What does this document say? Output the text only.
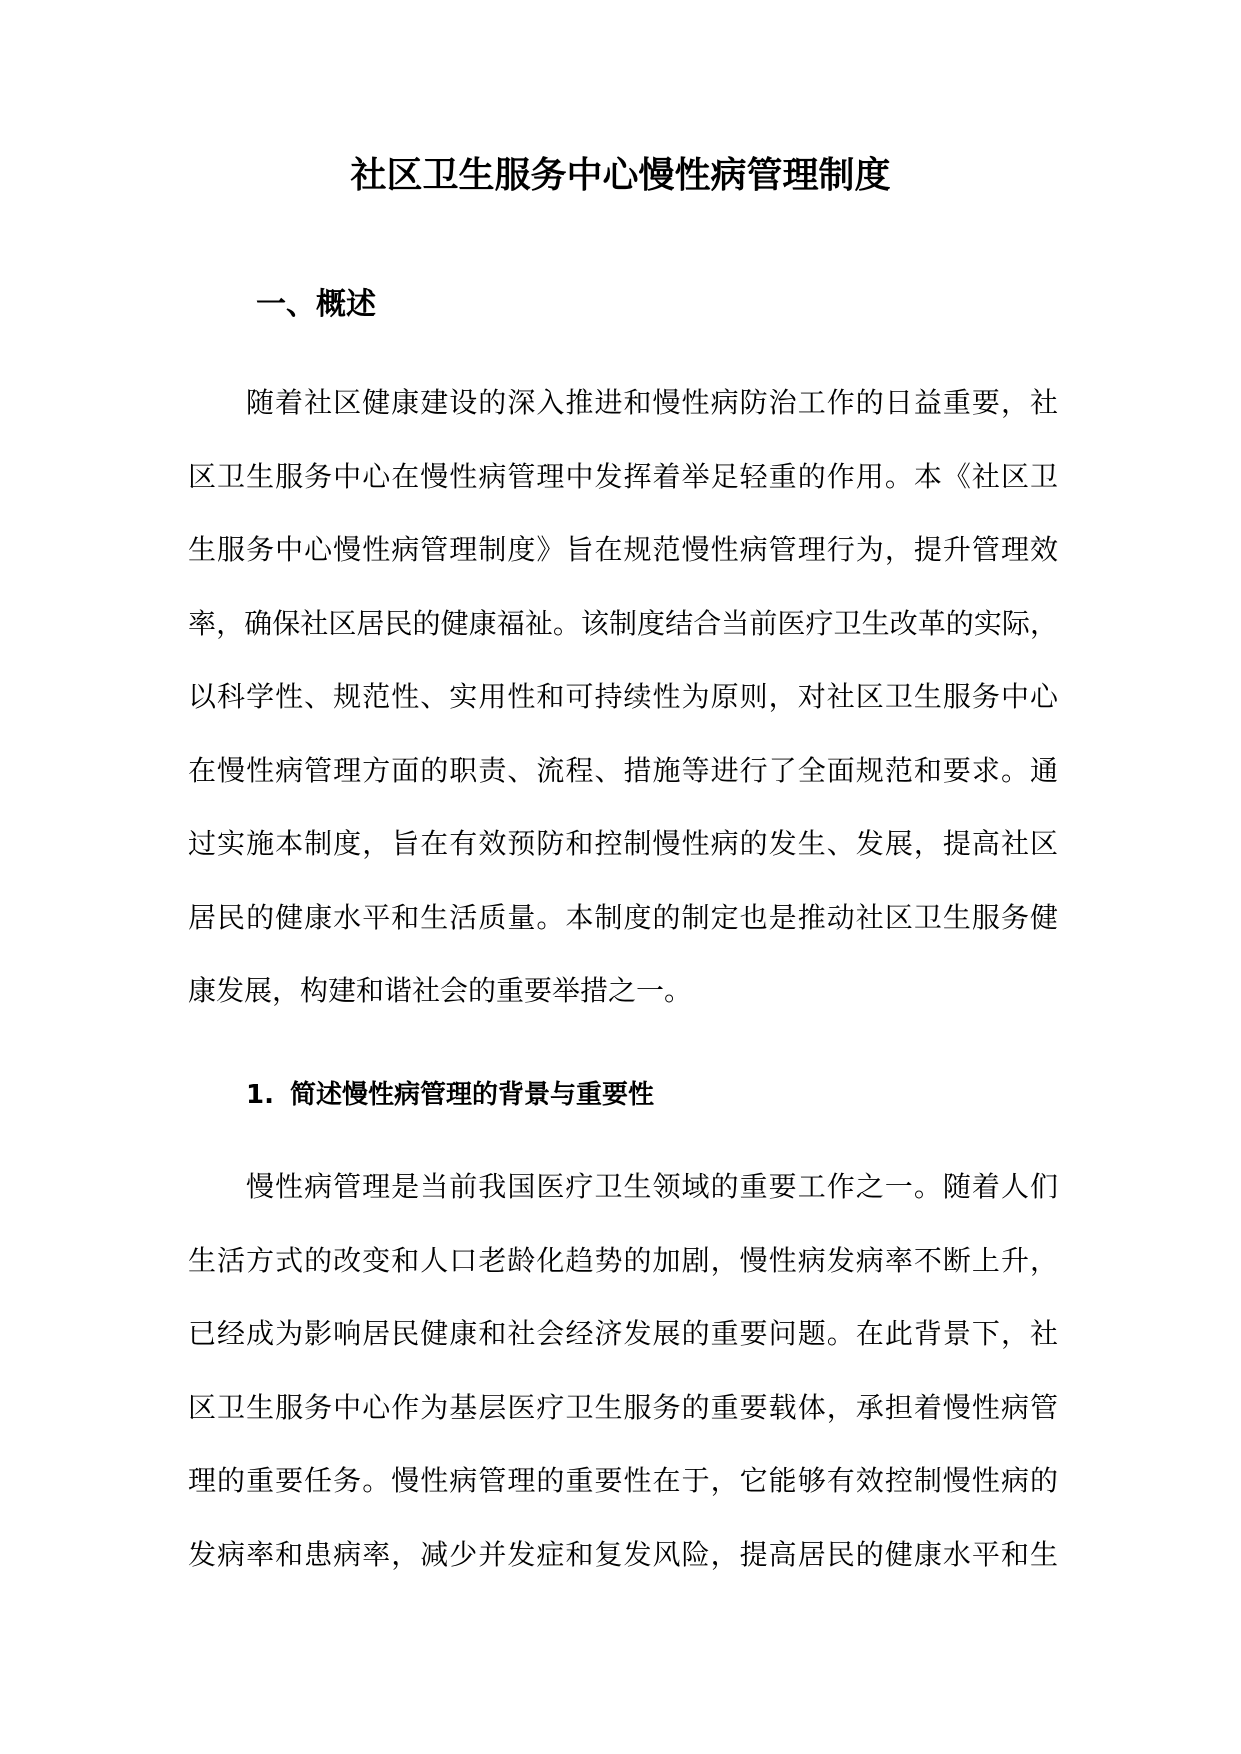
社区卫生服务中心慢性病管理制度
一、概述

随着社区健康建设的深入推进和慢性病防治工作的日益重要，社
区卫生服务中心在慢性病管理中发挥着举足轻重的作用。本《社区卫
生服务中心慢性病管理制度》旨在规范慢性病管理行为，提升管理效
率，确保社区居民的健康福祉。该制度结合当前医疗卫生改革的实际，
以科学性、规范性、实用性和可持续性为原则，对社区卫生服务中心
在慢性病管理方面的职责、流程、措施等进行了全面规范和要求。通
过实施本制度，旨在有效预防和控制慢性病的发生、发展，提高社区
居民的健康水平和生活质量。本制度的制定也是推动社区卫生服务健
康发展，构建和谐社会的重要举措之一。

1. 简述慢性病管理的背景与重要性

慢性病管理是当前我国医疗卫生领域的重要工作之一。随着人们
生活方式的改变和人口老龄化趋势的加剧，慢性病发病率不断上升，
已经成为影响居民健康和社会经济发展的重要问题。在此背景下，社
区卫生服务中心作为基层医疗卫生服务的重要载体，承担着慢性病管
理的重要任务。慢性病管理的重要性在于，它能够有效控制慢性病的
发病率和患病率，减少并发症和复发风险，提高居民的健康水平和生
